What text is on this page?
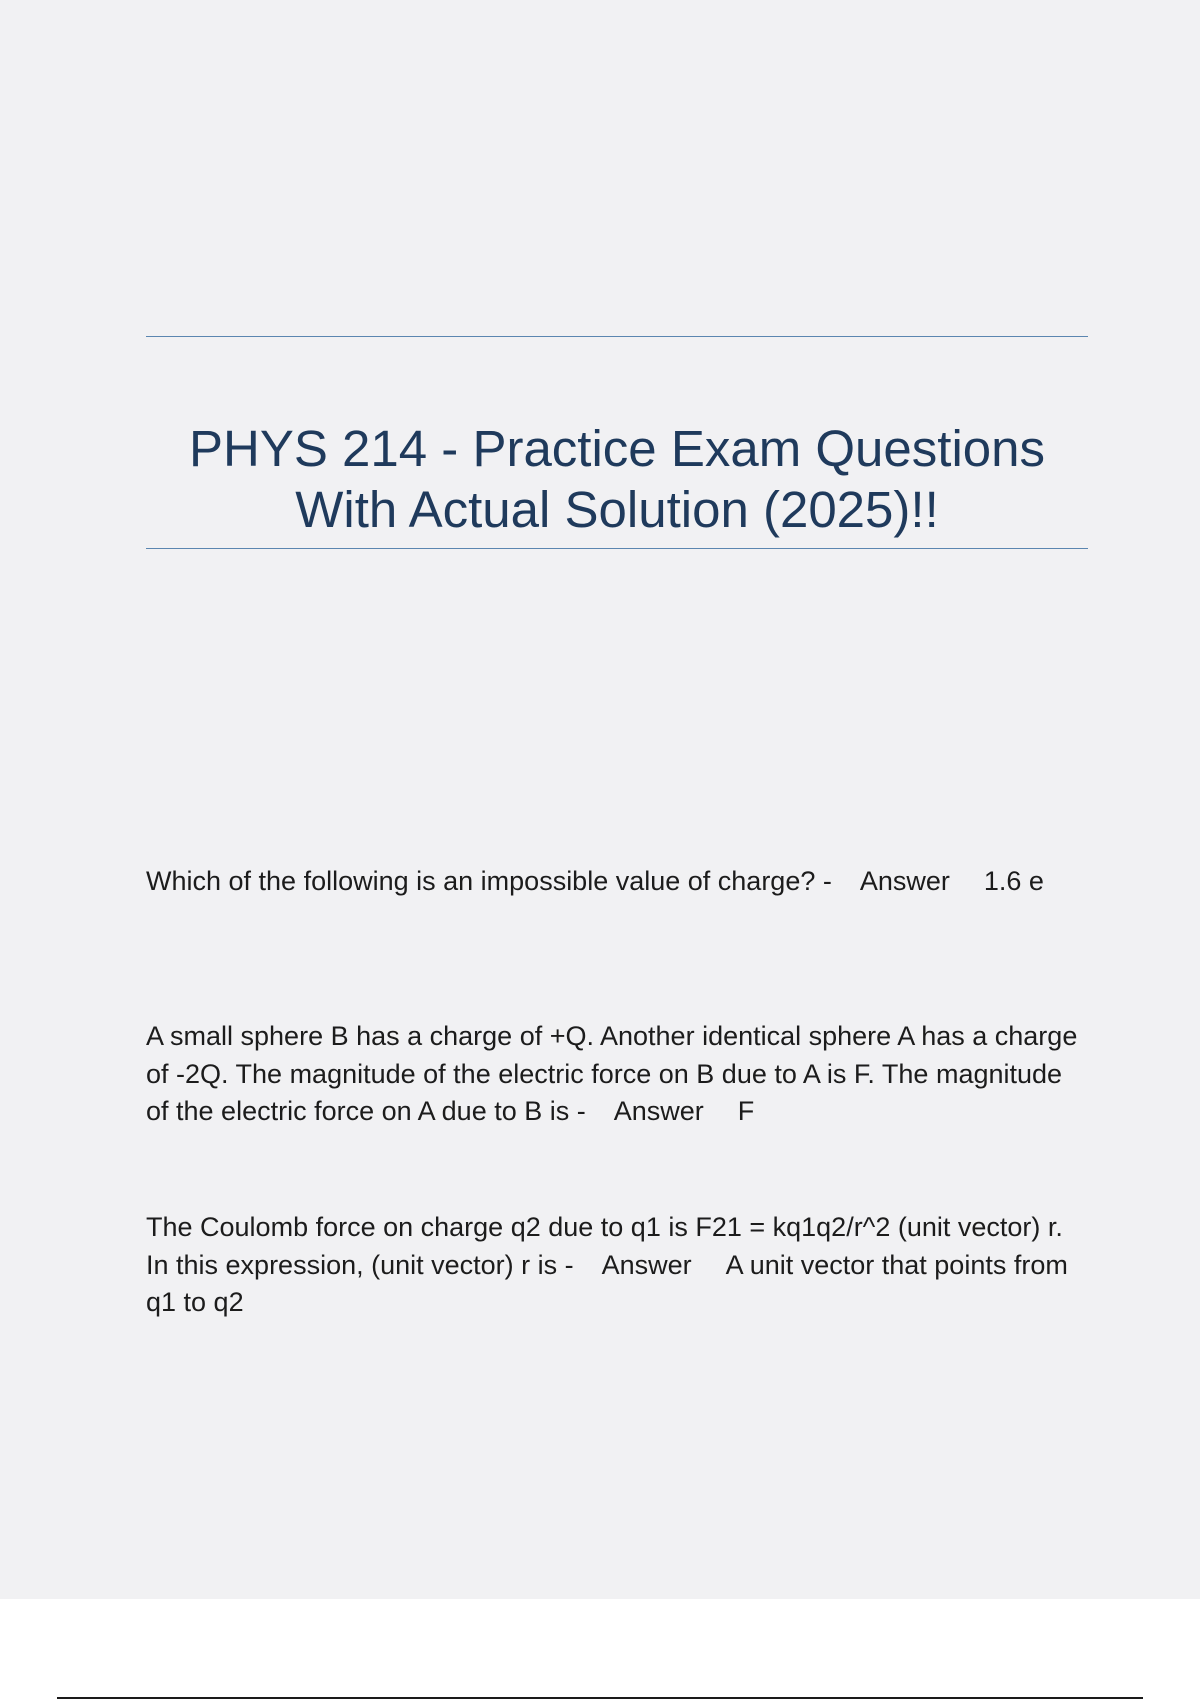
PHYS 214 - Practice Exam Questions
With Actual Solution (2025)!!

Which of the following is an impossible value of charge? - Answer 1.6 e

A small sphere B has a charge of +Q. Another identical sphere A has a charge of -2Q. The magnitude of the electric force on B due to A is F. The magnitude of the electric force on A due to B is - Answer F

The Coulomb force on charge q2 due to q1 is F21 = kq1q2/r^2 (unit vector) r. In this expression, (unit vector) r is - Answer A unit vector that points from q1 to q2
